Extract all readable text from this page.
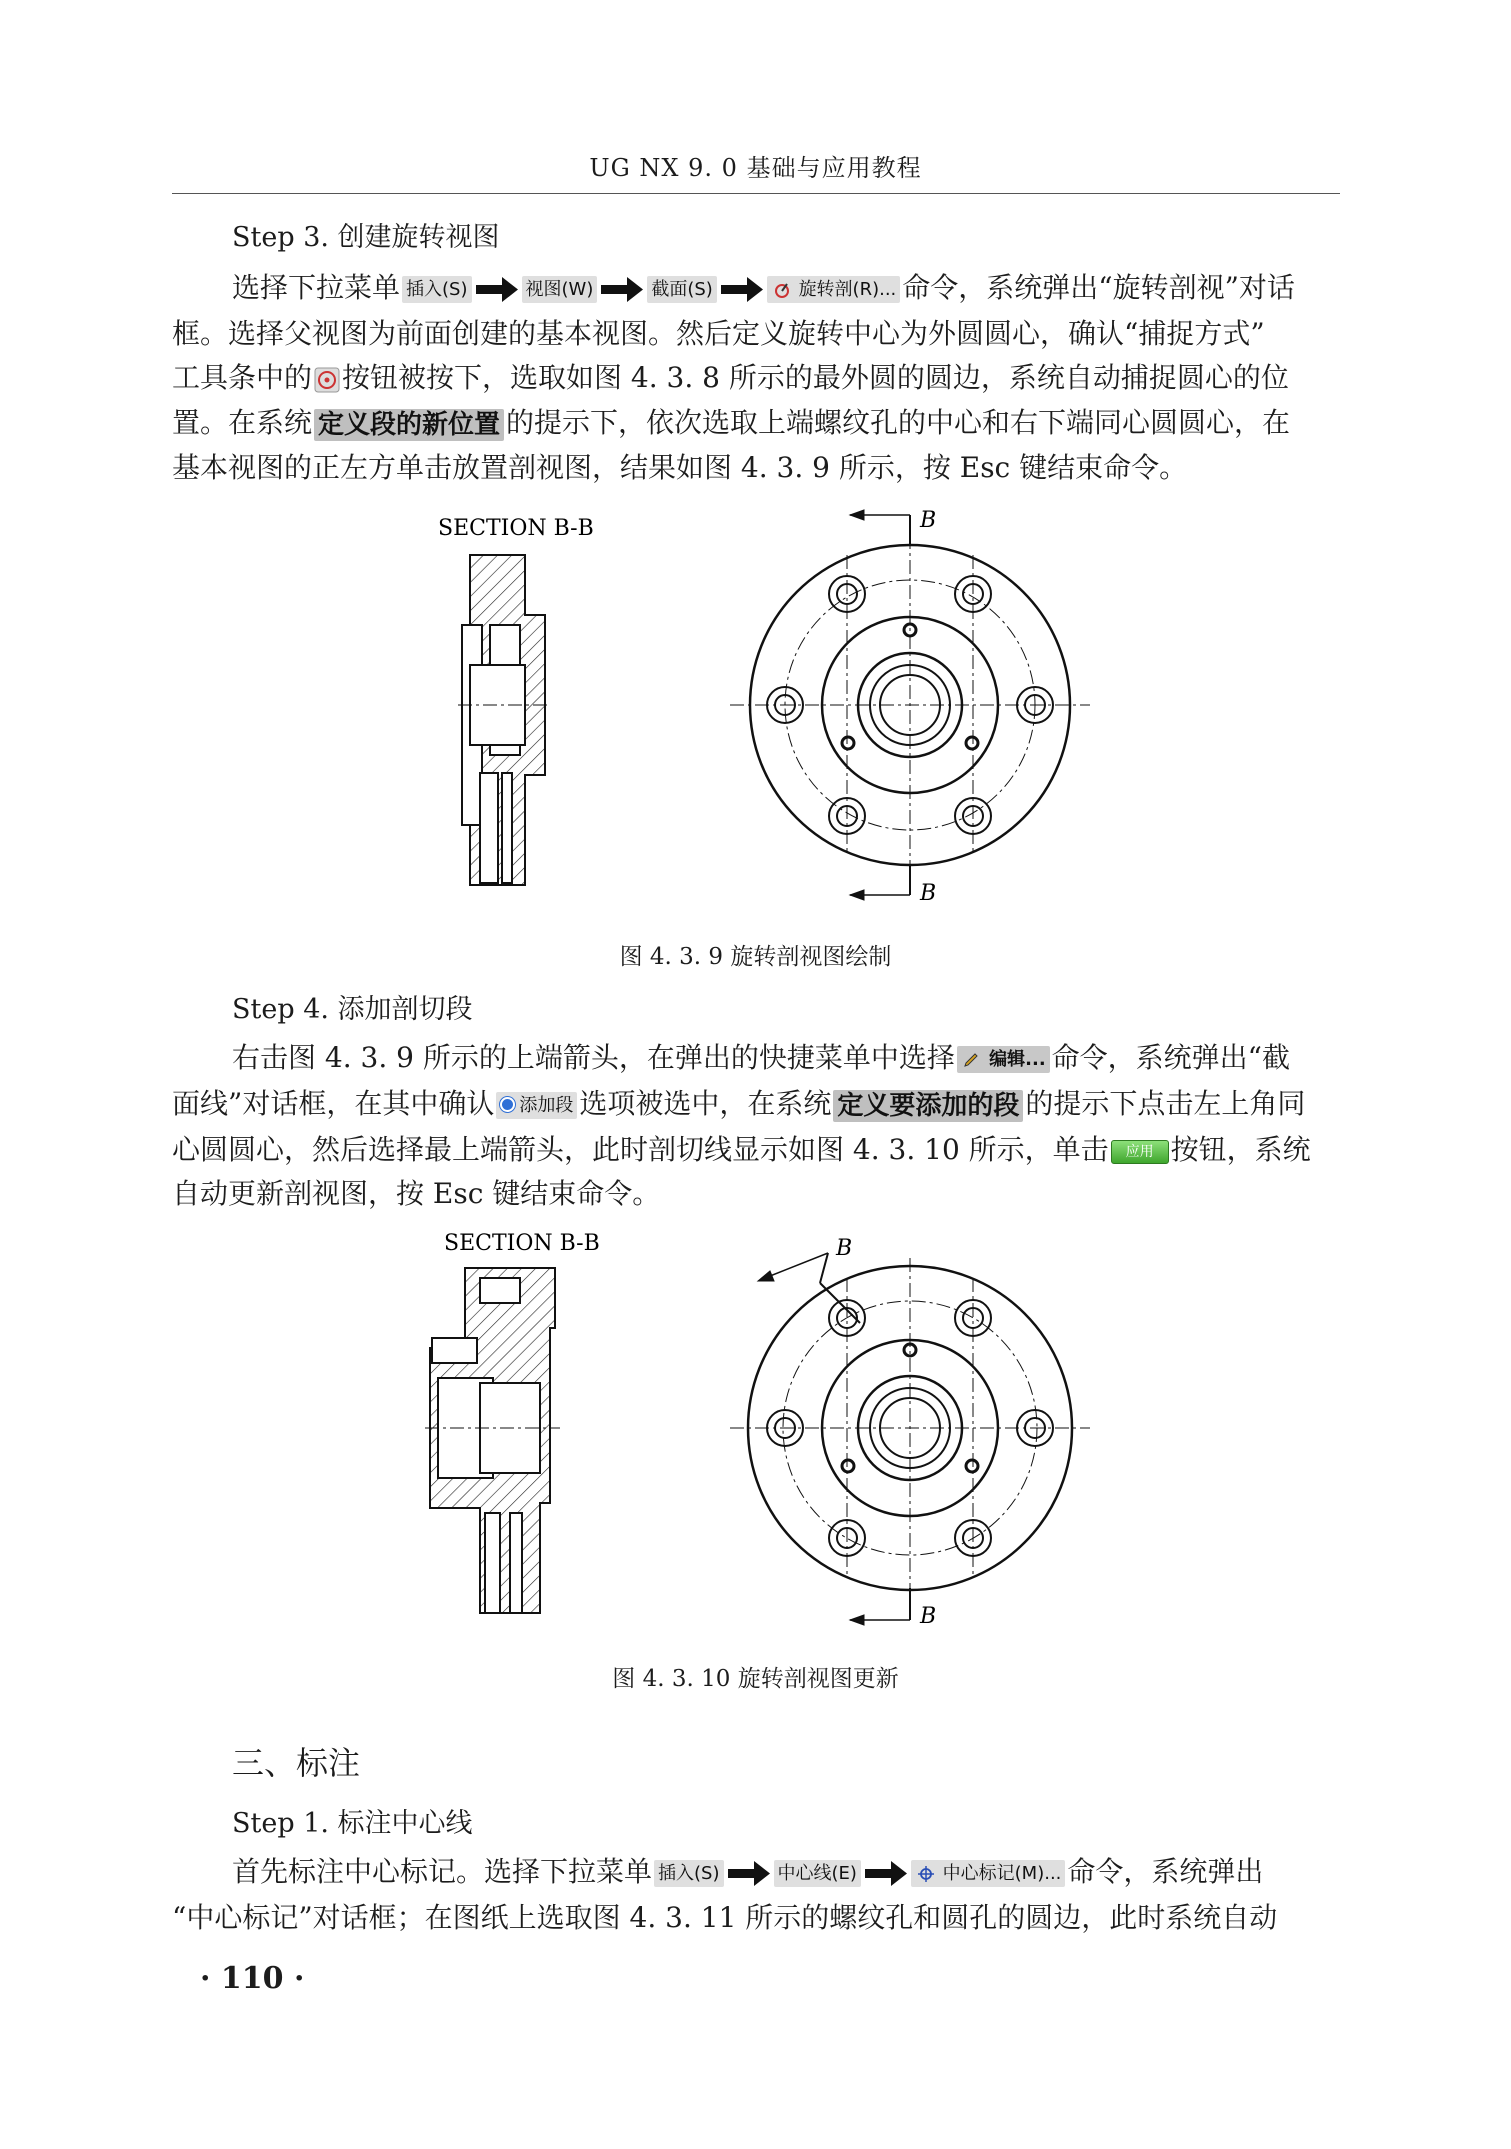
UG NX 9. 0 基础与应用教程
Step 3. 创建旋转视图
选择下拉菜单 插入(S)	视图(W)	截面(S)	旋转剖(R)... 命令，系统弹出“旋转剖视”对话
框。选择父视图为前面创建的基本视图。然后定义旋转中心为外圆圆心，确认“捕捉方式”
工具条中的 按钮被按下，选取如图 4. 3. 8 所示的最外圆的圆边，系统自动捕捉圆心的位
置。在系统 定义段的新位置 的提示下，依次选取上端螺纹孔的中心和右下端同心圆圆心，在
基本视图的正左方单击放置剖视图，结果如图 4. 3. 9 所示，按 Esc 键结束命令。
SECTION B-B	B
B
图 4. 3. 9 旋转剖视图绘制
Step 4. 添加剖切段
右击图 4. 3. 9 所示的上端箭头，在弹出的快捷菜单中选择 编辑... 命令，系统弹出“截
面线”对话框，在其中确认 添加段 选项被选中，在系统 定义要添加的段 的提示下点击左上角同
心圆圆心，然后选择最上端箭头，此时剖切线显示如图 4. 3. 10 所示，单击 应用 按钮，系统
自动更新剖视图，按 Esc 键结束命令。
SECTION B-B	B
B
图 4. 3. 10 旋转剖视图更新
三、标注
Step 1. 标注中心线
首先标注中心标记。选择下拉菜单 插入(S)	中心线(E)	中心标记(M)... 命令，系统弹出
“中心标记”对话框；在图纸上选取图 4. 3. 11 所示的螺纹孔和圆孔的圆边，此时系统自动
· 110 ·
